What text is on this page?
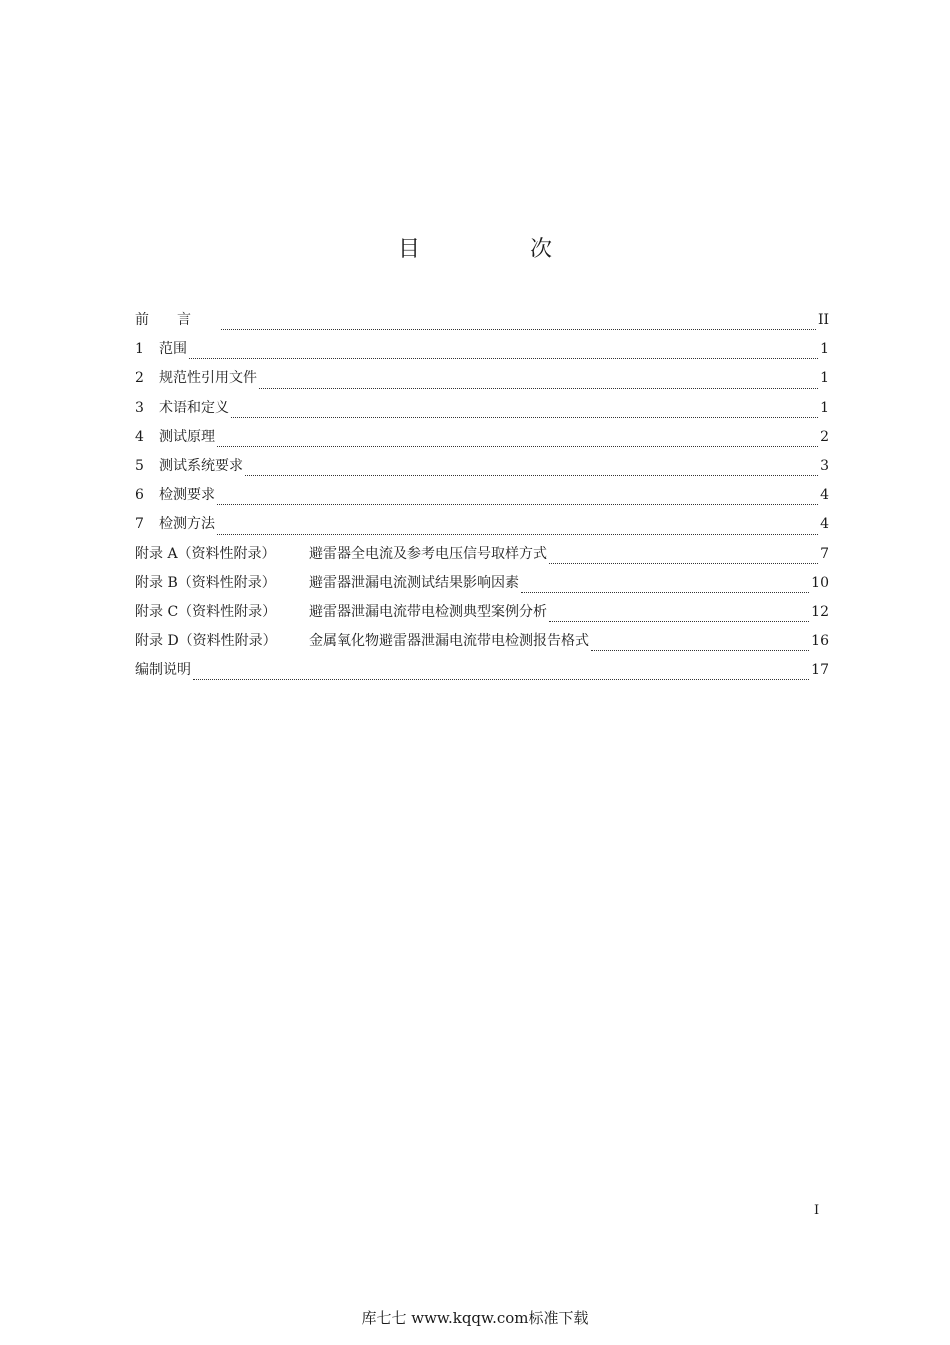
目　次
前言	II
1	范围	1
2	规范性引用文件	1
3	术语和定义	1
4	测试原理	2
5	测试系统要求	3
6	检测要求	4
7	检测方法	4
附录 A（资料性附录）	避雷器全电流及参考电压信号取样方式	7
附录 B（资料性附录）	避雷器泄漏电流测试结果影响因素	10
附录 C（资料性附录）	避雷器泄漏电流带电检测典型案例分析	12
附录 D（资料性附录）	金属氧化物避雷器泄漏电流带电检测报告格式	16
编制说明	17
I
库七七 www.kqqw.com标准下载
